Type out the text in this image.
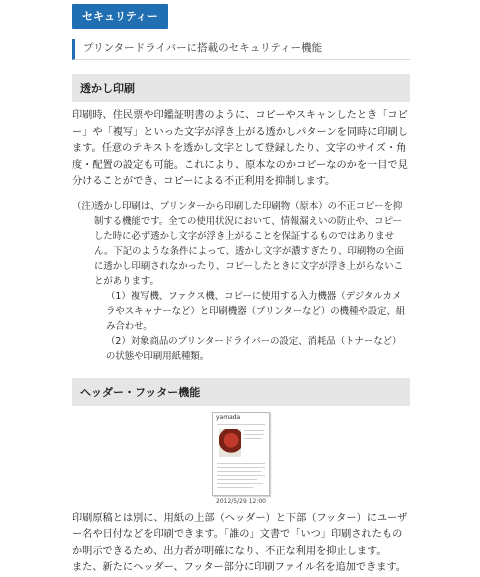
セキュリティー
プリンタードライバーに搭載のセキュリティー機能
透かし印刷

印刷時、住民票や印鑑証明書のように、コピーやスキャンしたとき「コピー」や「複写」といった文字が浮き上がる透かしパターンを同時に印刷します。任意のテキストを透かし文字として登録したり、文字のサイズ・角度・配置の設定も可能。これにより、原本なのかコピーなのかを一目で見分けることができ、コピーによる不正利用を抑制します。

（注）
透かし印刷は、プリンターから印刷した印刷物（原本）の不正コピーを抑制する機能です。全ての使用状況において、情報漏えいの防止や、コピーした時に必ず透かし文字が浮き上がることを保証するものではありません。下記のような条件によって、透かし文字が濃すぎたり、印刷物の全面に透かし印刷されなかったり、コピーしたときに文字が浮き上がらないことがあります。
（1）複写機、ファクス機、コピーに使用する入力機器（デジタルカメラやスキャナーなど）と印刷機器（プリンターなど）の機種や設定、組み合わせ。
（2）対象商品のプリンタードライバーの設定、消耗品（トナーなど）の状態や印刷用紙種類。
ヘッダー・フッター機能
yamada
2012/5/29 12:00

印刷原稿とは別に、用紙の上部（ヘッダー）と下部（フッター）にユーザー名や日付などを印刷できます。「誰の」文書で「いつ」印刷されたものか明示できるため、出力者が明確になり、不正な利用を抑止します。

また、新たにヘッダー、フッター部分に印刷ファイル名を追加できます。
